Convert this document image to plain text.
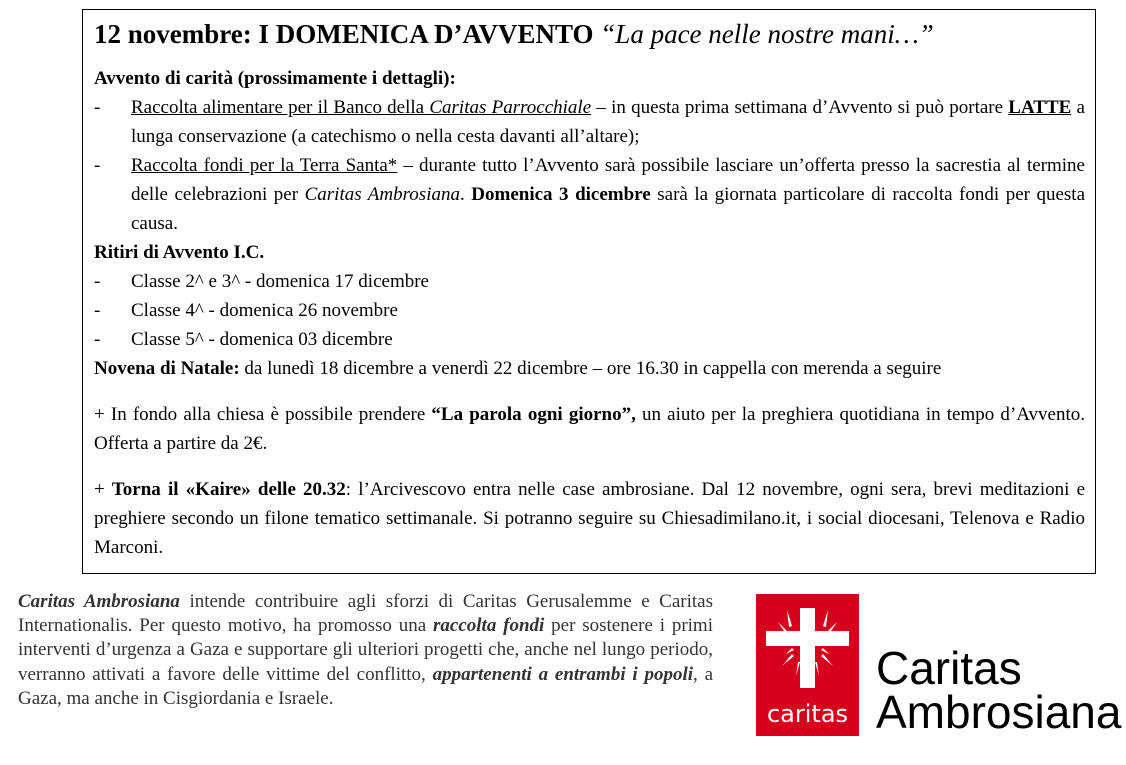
12 novembre: I DOMENICA D’AVVENTO “La pace nelle nostre mani…”
Avvento di carità (prossimamente i dettagli):
-	Raccolta alimentare per il Banco della Caritas Parrocchiale – in questa prima settimana d’Avvento si può portare LATTE a lunga conservazione (a catechismo o nella cesta davanti all’altare);
-	Raccolta fondi per la Terra Santa* – durante tutto l’Avvento sarà possibile lasciare un’offerta presso la sacrestia al termine delle celebrazioni per Caritas Ambrosiana. Domenica 3 dicembre sarà la giornata particolare di raccolta fondi per questa causa.
Ritiri di Avvento I.C.
-	Classe 2^ e 3^ - domenica 17 dicembre
-	Classe 4^ - domenica 26 novembre
-	Classe 5^ - domenica 03 dicembre
Novena di Natale: da lunedì 18 dicembre a venerdì 22 dicembre – ore 16.30 in cappella con merenda a seguire
+ In fondo alla chiesa è possibile prendere “La parola ogni giorno”, un aiuto per la preghiera quotidiana in tempo d’Avvento. Offerta a partire da 2€.
+ Torna il «Kaire» delle 20.32: l’Arcivescovo entra nelle case ambrosiane. Dal 12 novembre, ogni sera, brevi meditazioni e preghiere secondo un filone tematico settimanale. Si potranno seguire su Chiesadimilano.it, i social diocesani, Telenova e Radio Marconi.
Caritas Ambrosiana intende contribuire agli sforzi di Caritas Gerusalemme e Caritas Internationalis. Per questo motivo, ha promosso una raccolta fondi per sostenere i primi interventi d’urgenza a Gaza e supportare gli ulteriori progetti che, anche nel lungo periodo, verranno attivati a favore delle vittime del conflitto, appartenenti a entrambi i popoli, a Gaza, ma anche in Cisgiordania e Israele.
caritas
Caritas
Ambrosiana
